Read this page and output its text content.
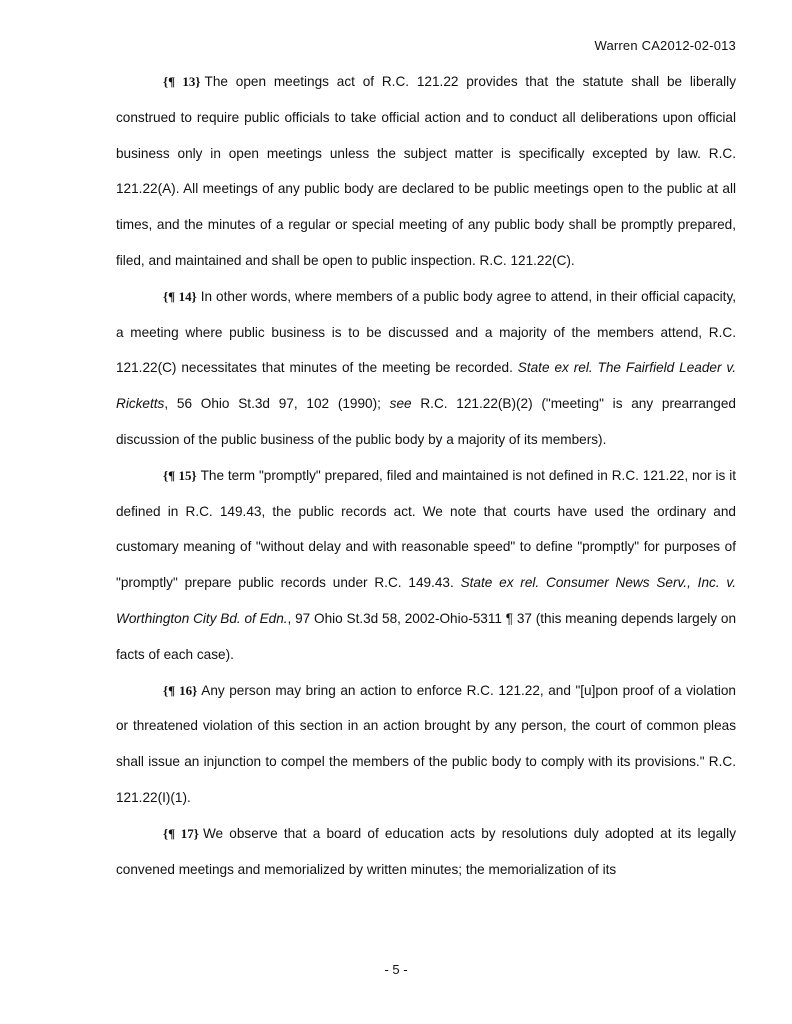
Warren CA2012-02-013

{¶ 13} The open meetings act of R.C. 121.22 provides that the statute shall be liberally construed to require public officials to take official action and to conduct all deliberations upon official business only in open meetings unless the subject matter is specifically excepted by law. R.C. 121.22(A). All meetings of any public body are declared to be public meetings open to the public at all times, and the minutes of a regular or special meeting of any public body shall be promptly prepared, filed, and maintained and shall be open to public inspection. R.C. 121.22(C).

{¶ 14} In other words, where members of a public body agree to attend, in their official capacity, a meeting where public business is to be discussed and a majority of the members attend, R.C. 121.22(C) necessitates that minutes of the meeting be recorded. State ex rel. The Fairfield Leader v. Ricketts, 56 Ohio St.3d 97, 102 (1990); see R.C. 121.22(B)(2) ("meeting" is any prearranged discussion of the public business of the public body by a majority of its members).

{¶ 15} The term "promptly" prepared, filed and maintained is not defined in R.C. 121.22, nor is it defined in R.C. 149.43, the public records act. We note that courts have used the ordinary and customary meaning of "without delay and with reasonable speed" to define "promptly" for purposes of "promptly" prepare public records under R.C. 149.43. State ex rel. Consumer News Serv., Inc. v. Worthington City Bd. of Edn., 97 Ohio St.3d 58, 2002-Ohio-5311 ¶ 37 (this meaning depends largely on facts of each case).

{¶ 16} Any person may bring an action to enforce R.C. 121.22, and "[u]pon proof of a violation or threatened violation of this section in an action brought by any person, the court of common pleas shall issue an injunction to compel the members of the public body to comply with its provisions." R.C. 121.22(I)(1).

{¶ 17} We observe that a board of education acts by resolutions duly adopted at its legally convened meetings and memorialized by written minutes; the memorialization of its

- 5 -
